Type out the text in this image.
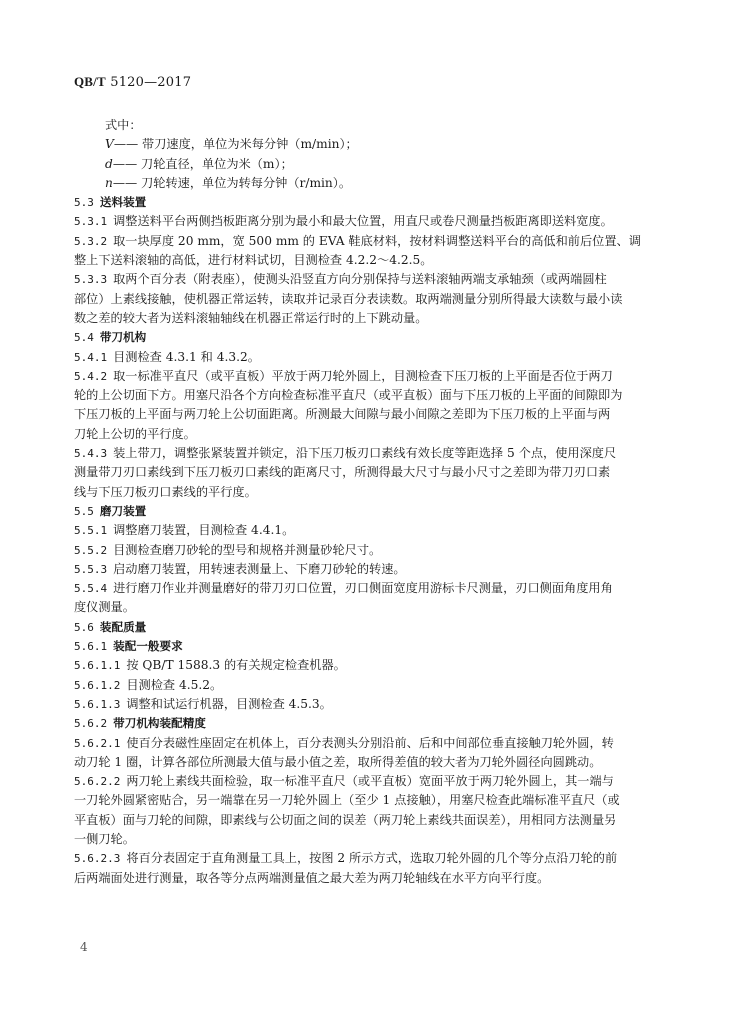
QB/T 5120—2017
式中：
V—— 带刀速度，单位为米每分钟（m/min）；
d—— 刀轮直径，单位为米（m）；
n—— 刀轮转速，单位为转每分钟（r/min）。
5.3 送料装置
5.3.1 调整送料平台两侧挡板距离分别为最小和最大位置，用直尺或卷尺测量挡板距离即送料宽度。
5.3.2 取一块厚度 20 mm，宽 500 mm 的 EVA 鞋底材料，按材料调整送料平台的高低和前后位置、调
整上下送料滚轴的高低，进行材料试切，目测检查 4.2.2～4.2.5。
5.3.3 取两个百分表（附表座），使测头沿竖直方向分别保持与送料滚轴两端支承轴颈（或两端圆柱
部位）上素线接触，使机器正常运转，读取并记录百分表读数。取两端测量分别所得最大读数与最小读
数之差的较大者为送料滚轴轴线在机器正常运行时的上下跳动量。
5.4 带刀机构
5.4.1 目测检查 4.3.1 和 4.3.2。
5.4.2 取一标准平直尺（或平直板）平放于两刀轮外圆上，目测检查下压刀板的上平面是否位于两刀
轮的上公切面下方。用塞尺沿各个方向检查标准平直尺（或平直板）面与下压刀板的上平面的间隙即为
下压刀板的上平面与两刀轮上公切面距离。所测最大间隙与最小间隙之差即为下压刀板的上平面与两
刀轮上公切的平行度。
5.4.3 装上带刀，调整张紧装置并锁定，沿下压刀板刃口素线有效长度等距选择 5 个点，使用深度尺
测量带刀刃口素线到下压刀板刃口素线的距离尺寸，所测得最大尺寸与最小尺寸之差即为带刀刃口素
线与下压刀板刃口素线的平行度。
5.5 磨刀装置
5.5.1 调整磨刀装置，目测检查 4.4.1。
5.5.2 目测检查磨刀砂轮的型号和规格并测量砂轮尺寸。
5.5.3 启动磨刀装置，用转速表测量上、下磨刀砂轮的转速。
5.5.4 进行磨刀作业并测量磨好的带刀刃口位置，刃口侧面宽度用游标卡尺测量，刃口侧面角度用角
度仪测量。
5.6 装配质量
5.6.1 装配一般要求
5.6.1.1 按 QB/T 1588.3 的有关规定检查机器。
5.6.1.2 目测检查 4.5.2。
5.6.1.3 调整和试运行机器，目测检查 4.5.3。
5.6.2 带刀机构装配精度
5.6.2.1 使百分表磁性座固定在机体上，百分表测头分别沿前、后和中间部位垂直接触刀轮外圆，转
动刀轮 1 圈，计算各部位所测最大值与最小值之差，取所得差值的较大者为刀轮外圆径向圆跳动。
5.6.2.2 两刀轮上素线共面检验，取一标准平直尺（或平直板）宽面平放于两刀轮外圆上，其一端与
一刀轮外圆紧密贴合，另一端靠在另一刀轮外圆上（至少 1 点接触），用塞尺检查此端标准平直尺（或
平直板）面与刀轮的间隙，即素线与公切面之间的误差（两刀轮上素线共面误差），用相同方法测量另
一侧刀轮。
5.6.2.3 将百分表固定于直角测量工具上，按图 2 所示方式，选取刀轮外圆的几个等分点沿刀轮的前
后两端面处进行测量，取各等分点两端测量值之最大差为两刀轮轴线在水平方向平行度。
4
